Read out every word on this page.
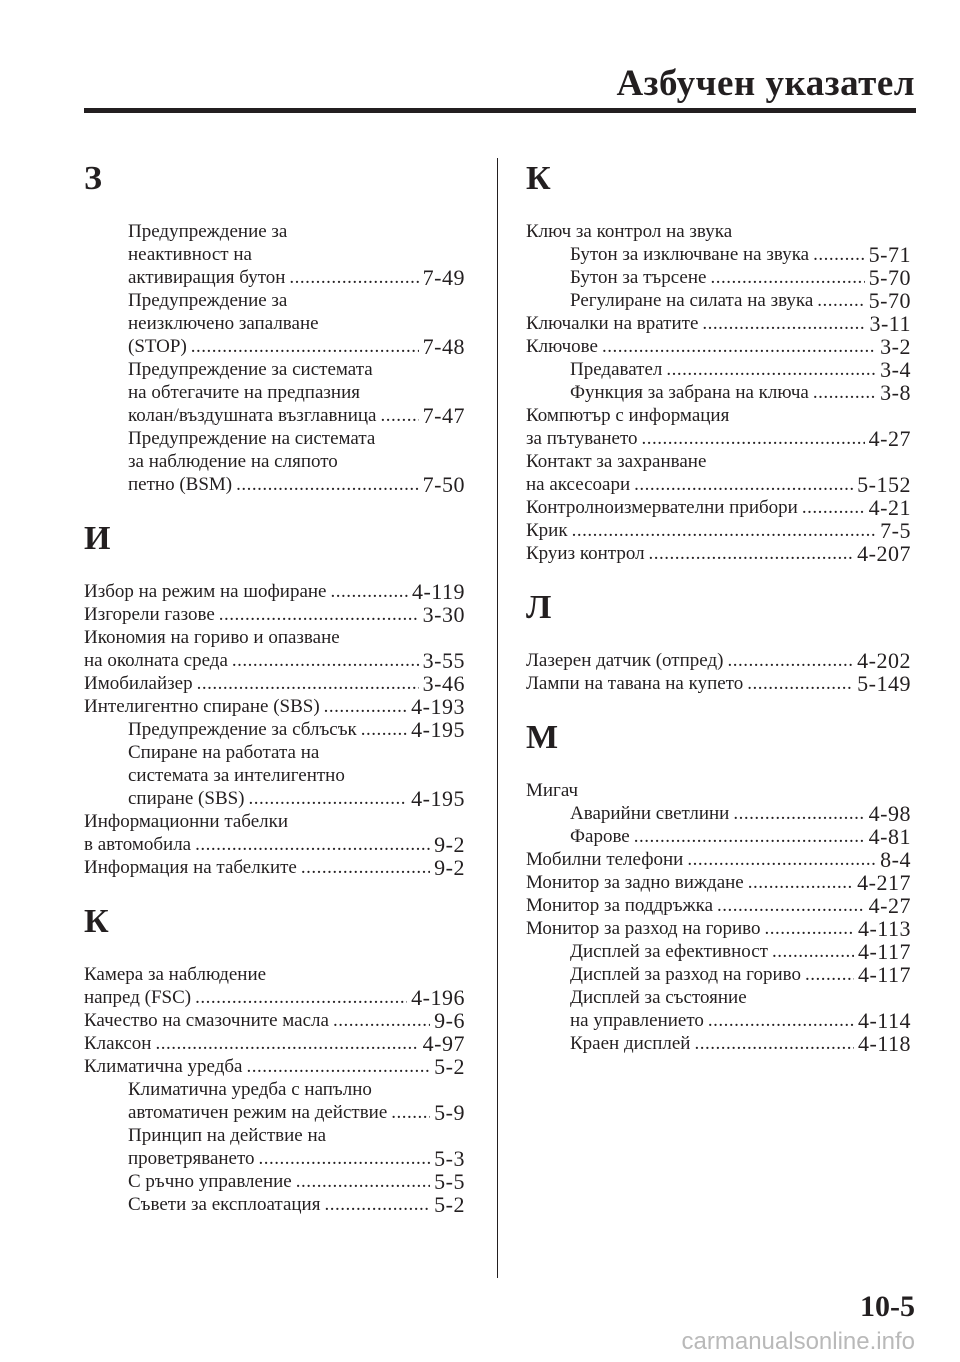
Азбучен указател
З
Предупреждение за
неактивност на
активиращия бутон .....	7-49
Предупреждение за
неизключено запалване
(STOP) .....	7-48
Предупреждение за системата
на обтегачите на предпазния
колан/въздушната възглавница ..... 7-47
Предупреждение на системата
за наблюдение на сляпото
петно (BSM) .....	7-50
И
Избор на режим на шофиране .....	4-119
Изгорели газове .....	3-30
Икономия на гориво и опазване
на околната среда .....	3-55
Имобилайзер .....	3-46
Интелигентно спиране (SBS) .....	4-193
Предупреждение за сблъсък ..... 4-195
Спиране на работата на
системата за интелигентно
спиране (SBS) .....	4-195
Информационни табелки
в автомобила .....	9-2
Информация на табелките .....	9-2
К
Камера за наблюдение
напред (FSC) .....	4-196
Качество на смазочните масла .....	9-6
Клаксон .....	4-97
Климатична уредба .....	5-2
Климатична уредба с напълно
автоматичен режим на действие ..... 5-9
Принцип на действие на
проветряването .....	5-3
С ръчно управление .....	5-5
Съвети за експлоатация .....	5-2
К
Ключ за контрол на звука
Бутон за изключване на звука .....	5-71
Бутон за търсене .....	5-70
Регулиране на силата на звука .....	5-70
Ключалки на вратите .....	3-11
Ключове .....	3-2
Предавател .....	3-4
Функция за забрана на ключа .....	3-8
Компютър с информация
за пътуването .....	4-27
Контакт за захранване
на аксесоари .....	5-152
Контролноизмервателни прибори .....	4-21
Крик .....	7-5
Круиз контрол .....	4-207
Л
Лазерен датчик (отпред) .....	4-202
Лампи на тавана на купето .....	5-149
М
Мигач
Аварийни светлини .....	4-98
Фарове .....	4-81
Мобилни телефони .....	8-4
Монитор за задно виждане .....	4-217
Монитор за поддръжка .....	4-27
Монитор за разход на гориво .....	4-113
Дисплей за ефективност .....	4-117
Дисплей за разход на гориво .....	4-117
Дисплей за състояние
на управлението .....	4-114
Краен дисплей .....	4-118
10-5
carmanualsonline.info
